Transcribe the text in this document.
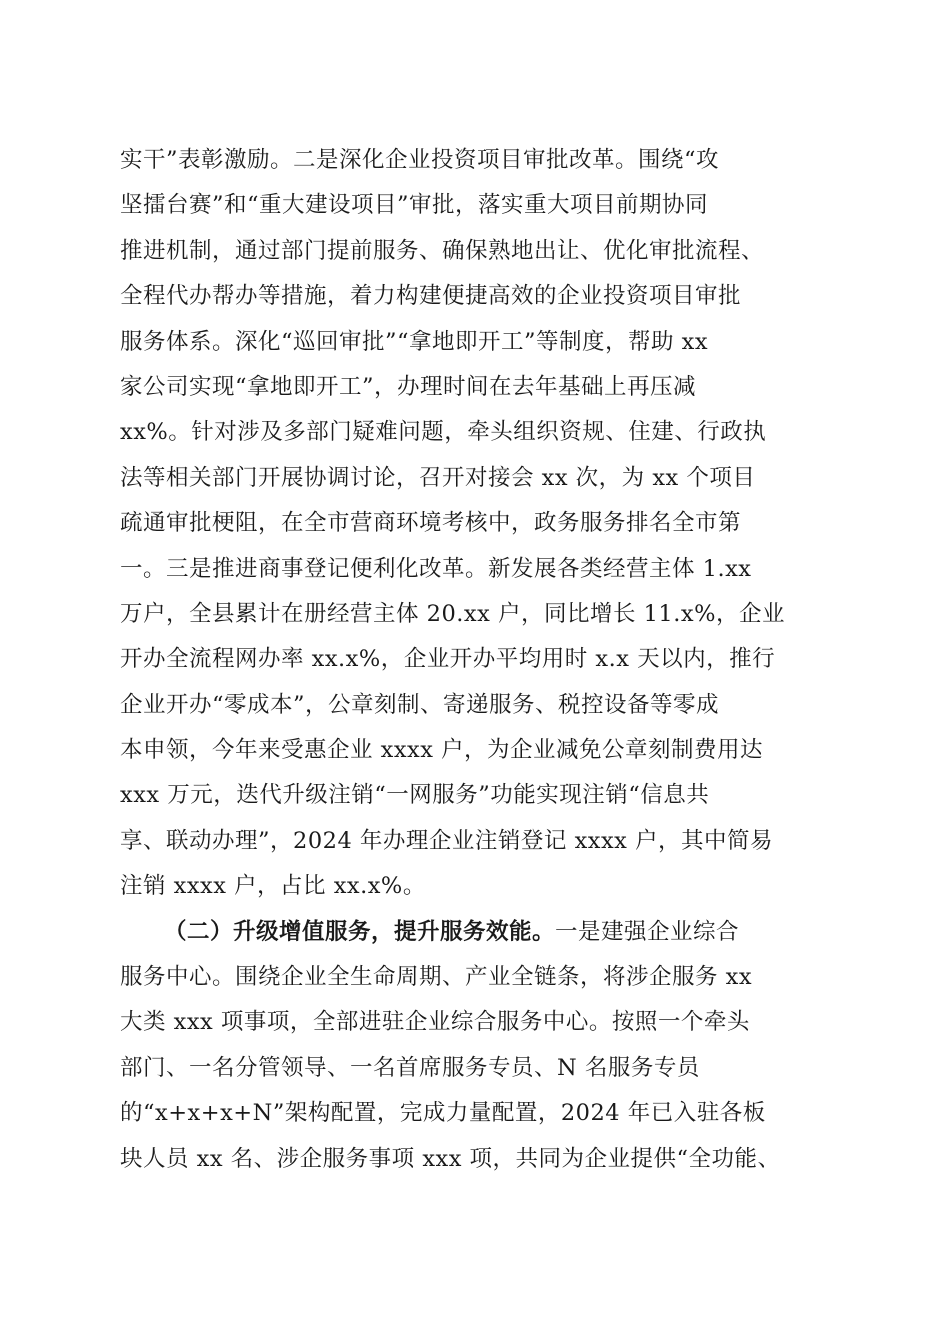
实干”表彰激励。二是深化企业投资项目审批改革。围绕“攻
坚擂台赛”和“重大建设项目”审批，落实重大项目前期协同
推进机制，通过部门提前服务、确保熟地出让、优化审批流程、
全程代办帮办等措施，着力构建便捷高效的企业投资项目审批
服务体系。深化“巡回审批”“拿地即开工”等制度，帮助 xx
家公司实现“拿地即开工”，办理时间在去年基础上再压减
xx%。针对涉及多部门疑难问题，牵头组织资规、住建、行政执
法等相关部门开展协调讨论，召开对接会 xx 次，为 xx 个项目
疏通审批梗阻，在全市营商环境考核中，政务服务排名全市第
一。三是推进商事登记便利化改革。新发展各类经营主体 1.xx
万户，全县累计在册经营主体 20.xx 户，同比增长 11.x%，企业
开办全流程网办率 xx.x%，企业开办平均用时 x.x 天以内，推行
企业开办“零成本”，公章刻制、寄递服务、税控设备等零成
本申领，今年来受惠企业 xxxx 户，为企业减免公章刻制费用达
xxx 万元，迭代升级注销“一网服务”功能实现注销“信息共
享、联动办理”，2024 年办理企业注销登记 xxxx 户，其中简易
注销 xxxx 户，占比 xx.x%。
（二）升级增值服务，提升服务效能。一是建强企业综合
服务中心。围绕企业全生命周期、产业全链条，将涉企服务 xx
大类 xxx 项事项，全部进驻企业综合服务中心。按照一个牵头
部门、一名分管领导、一名首席服务专员、N 名服务专员
的“x+x+x+N”架构配置，完成力量配置，2024 年已入驻各板
块人员 xx 名、涉企服务事项 xxx 项，共同为企业提供“全功能、
